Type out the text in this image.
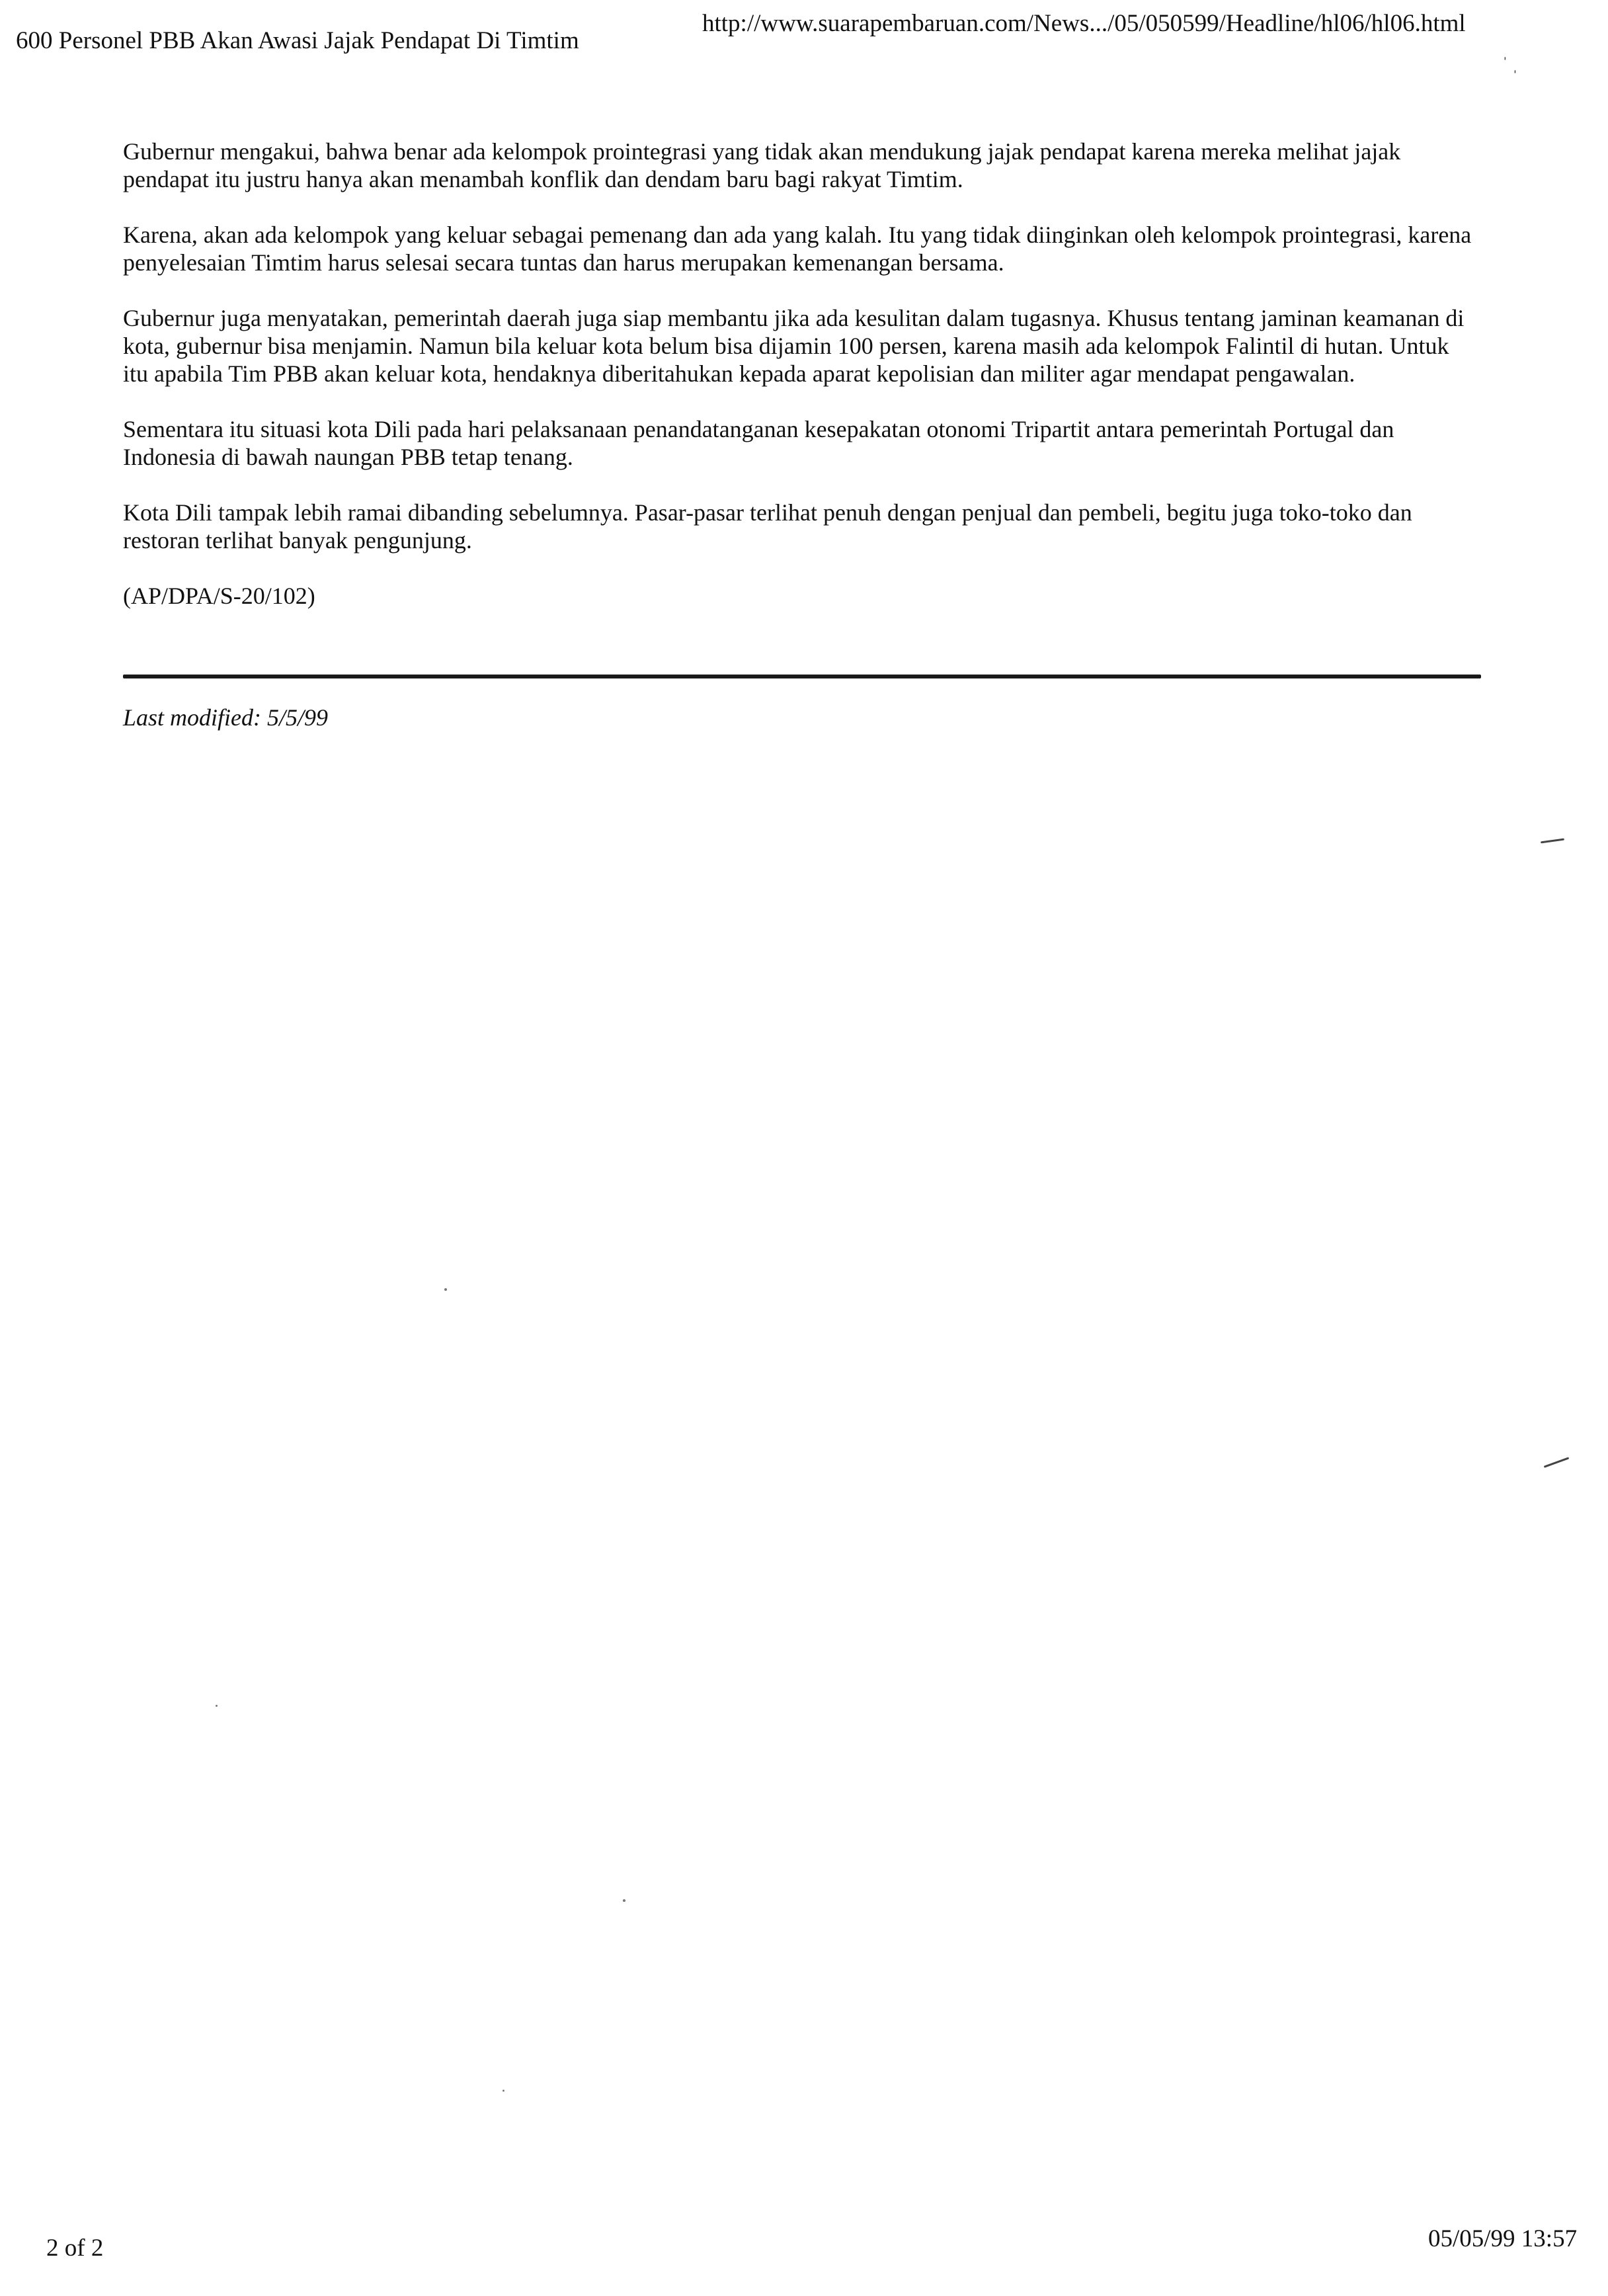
600 Personel PBB Akan Awasi Jajak Pendapat Di Timtim
http://www.suarapembaruan.com/News.../05/050599/Headline/hl06/hl06.html
ˈ ˌ

Gubernur mengakui, bahwa benar ada kelompok prointegrasi yang tidak akan mendukung jajak pendapat karena mereka melihat jajak pendapat itu justru hanya akan menambah konflik dan dendam baru bagi rakyat Timtim.

Karena, akan ada kelompok yang keluar sebagai pemenang dan ada yang kalah. Itu yang tidak diinginkan oleh kelompok prointegrasi, karena penyelesaian Timtim harus selesai secara tuntas dan harus merupakan kemenangan bersama.

Gubernur juga menyatakan, pemerintah daerah juga siap membantu jika ada kesulitan dalam tugasnya. Khusus tentang jaminan keamanan di kota, gubernur bisa menjamin. Namun bila keluar kota belum bisa dijamin 100 persen, karena masih ada kelompok Falintil di hutan. Untuk itu apabila Tim PBB akan keluar kota, hendaknya diberitahukan kepada aparat kepolisian dan militer agar mendapat pengawalan.

Sementara itu situasi kota Dili pada hari pelaksanaan penandatanganan kesepakatan otonomi Tripartit antara pemerintah Portugal dan Indonesia di bawah naungan PBB tetap tenang.

Kota Dili tampak lebih ramai dibanding sebelumnya. Pasar-pasar terlihat penuh dengan penjual dan pembeli, begitu juga toko-toko dan restoran terlihat banyak pengunjung.

(AP/DPA/S-20/102)

Last modified: 5/5/99
2 of 2	05/05/99 13:57
